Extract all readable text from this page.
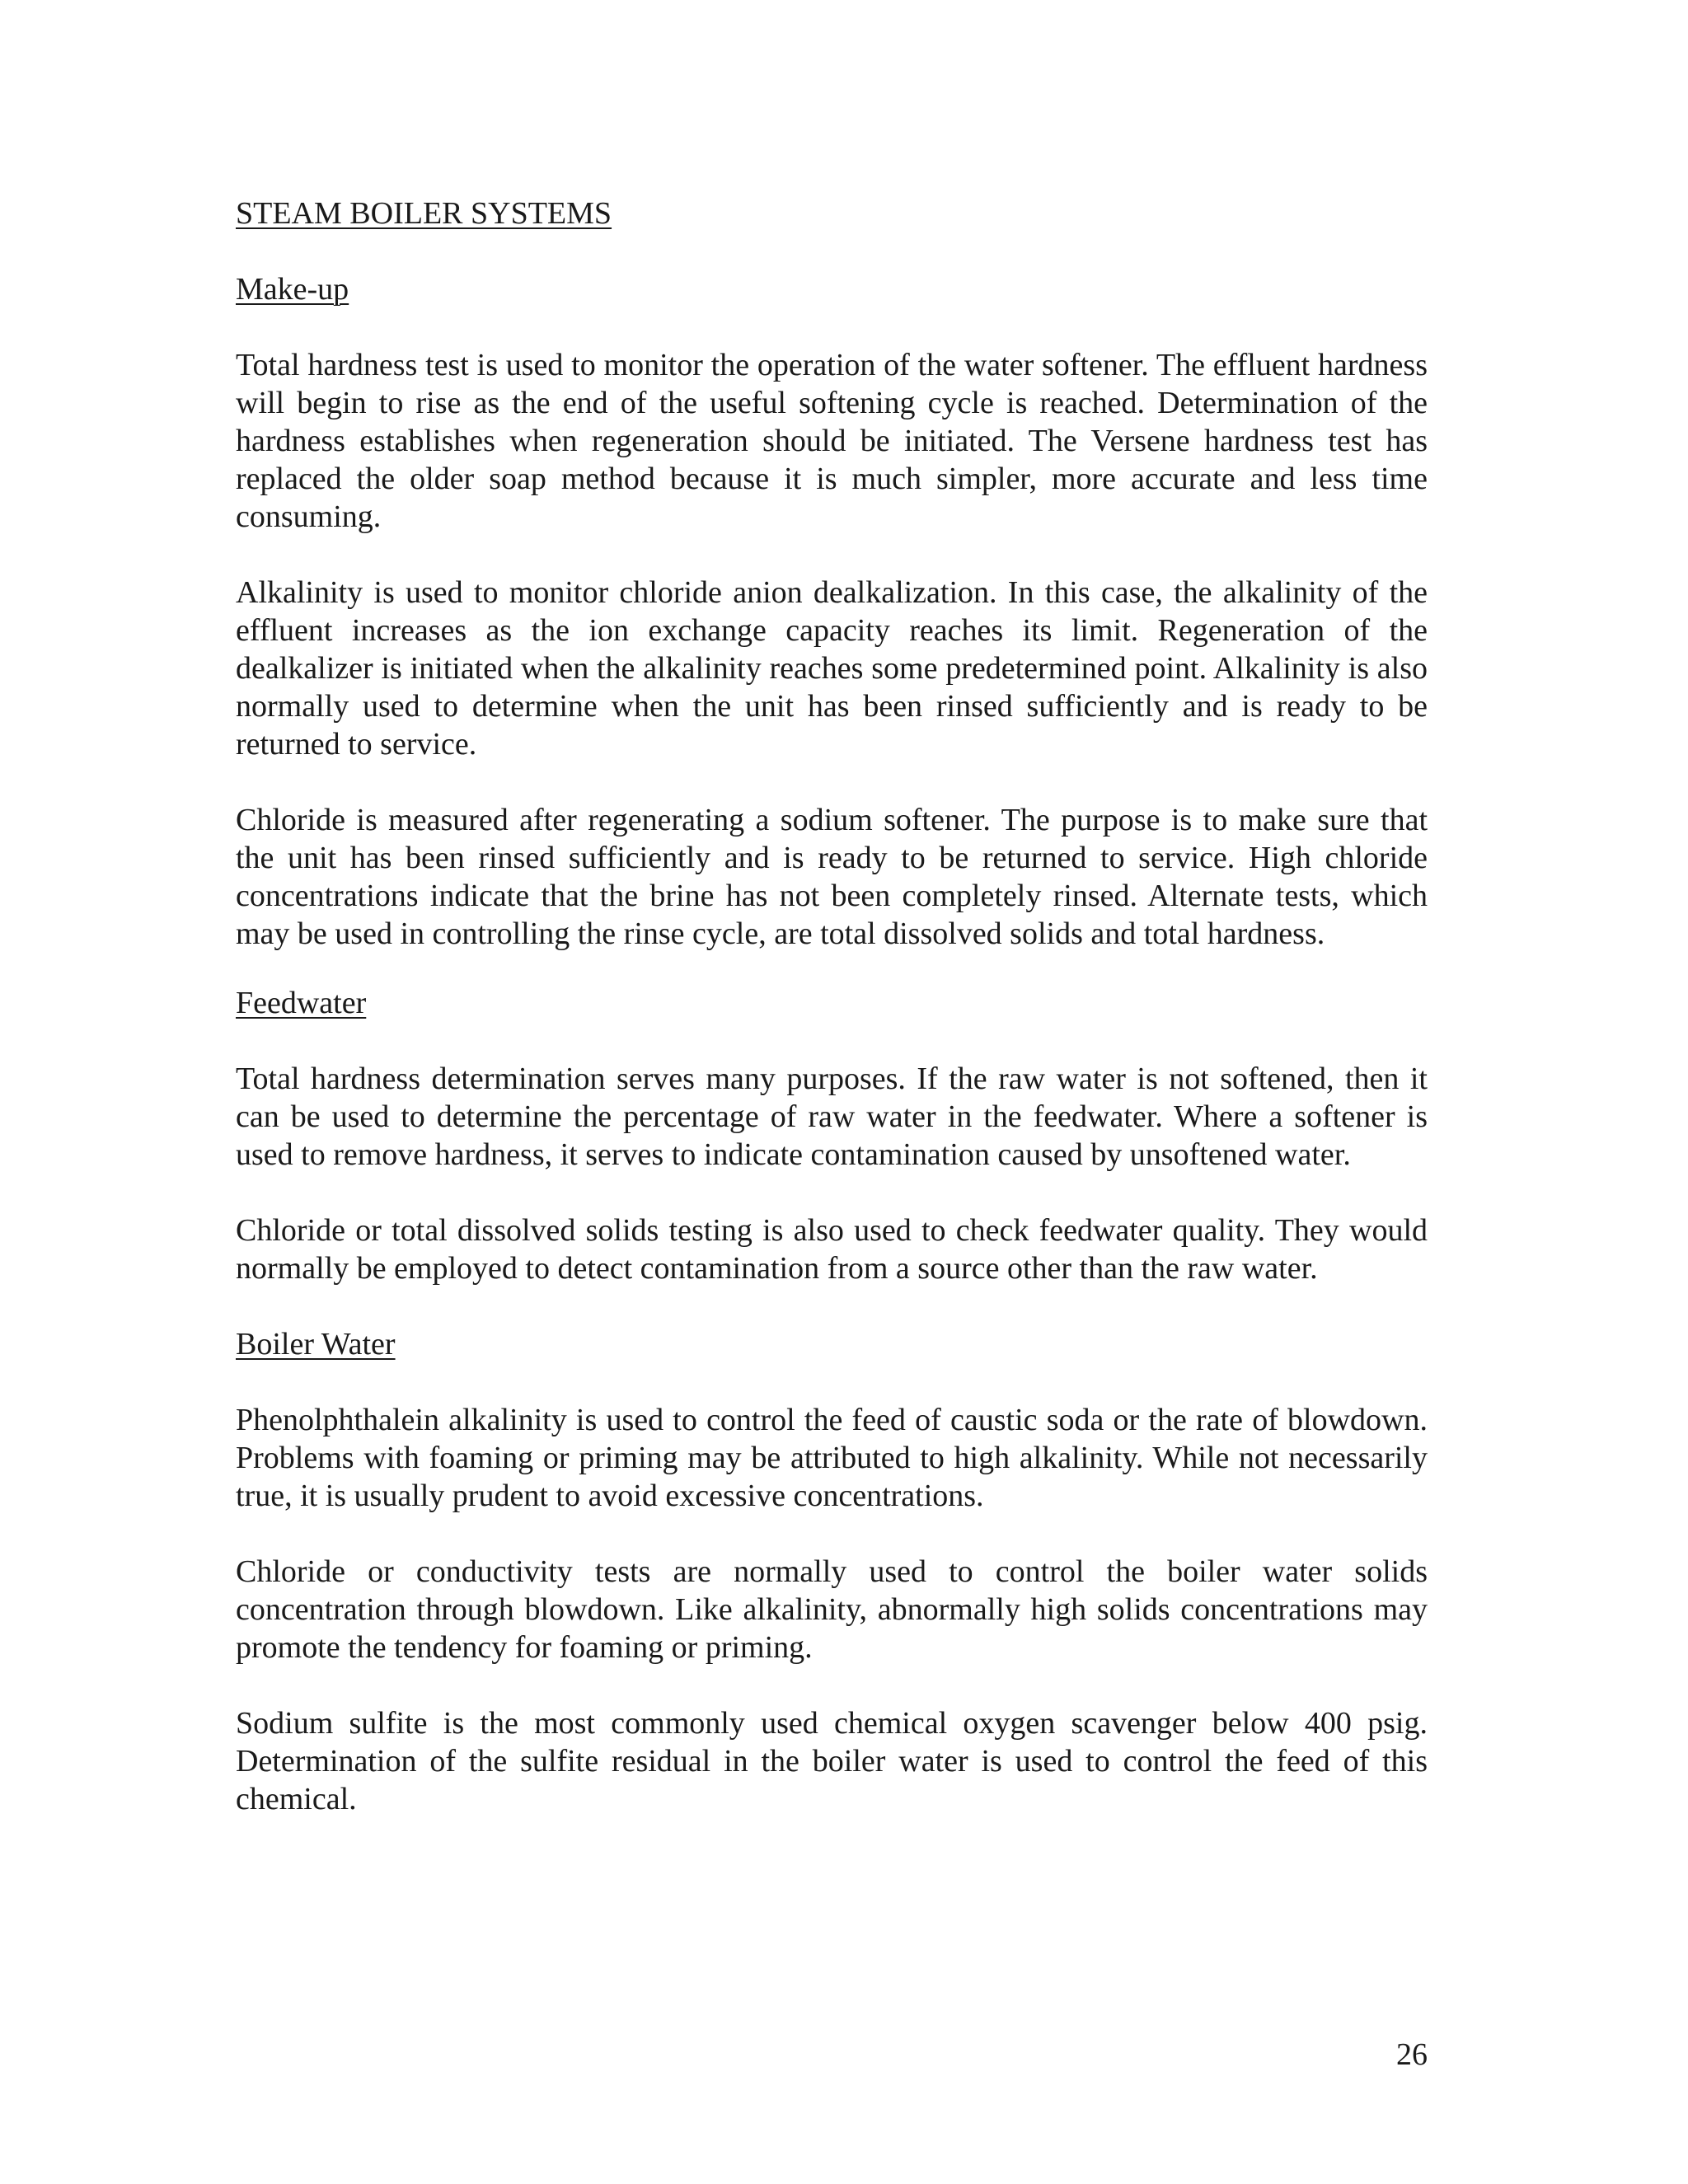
STEAM BOILER SYSTEMS

Make-up

Total hardness test is used to monitor the operation of the water softener. The effluent hardness will begin to rise as the end of the useful softening cycle is reached. Determination of the hardness establishes when regeneration should be initiated. The Versene hardness test has replaced the older soap method because it is much simpler, more accurate and less time consuming.

Alkalinity is used to monitor chloride anion dealkalization. In this case, the alkalinity of the effluent increases as the ion exchange capacity reaches its limit. Regeneration of the dealkalizer is initiated when the alkalinity reaches some predetermined point. Alkalinity is also normally used to determine when the unit has been rinsed sufficiently and is ready to be returned to service.

Chloride is measured after regenerating a sodium softener. The purpose is to make sure that the unit has been rinsed sufficiently and is ready to be returned to service. High chloride concentrations indicate that the brine has not been completely rinsed. Alternate tests, which may be used in controlling the rinse cycle, are total dissolved solids and total hardness.

Feedwater

Total hardness determination serves many purposes. If the raw water is not softened, then it can be used to determine the percentage of raw water in the feedwater. Where a softener is used to remove hardness, it serves to indicate contamination caused by unsoftened water.

Chloride or total dissolved solids testing is also used to check feedwater quality. They would normally be employed to detect contamination from a source other than the raw water.

Boiler Water

Phenolphthalein alkalinity is used to control the feed of caustic soda or the rate of blowdown. Problems with foaming or priming may be attributed to high alkalinity. While not necessarily true, it is usually prudent to avoid excessive concentrations.

Chloride or conductivity tests are normally used to control the boiler water solids concentration through blowdown. Like alkalinity, abnormally high solids concentrations may promote the tendency for foaming or priming.

Sodium sulfite is the most commonly used chemical oxygen scavenger below 400 psig. Determination of the sulfite residual in the boiler water is used to control the feed of this chemical.

26
